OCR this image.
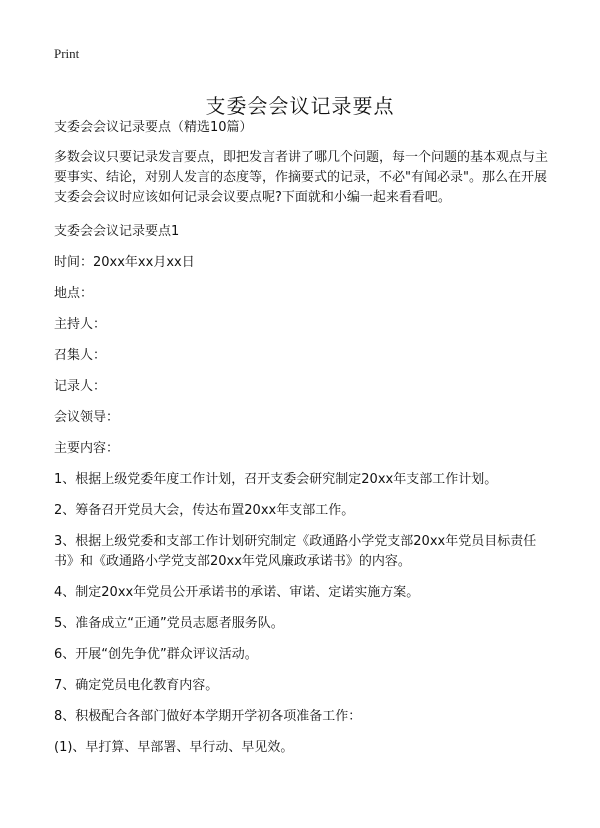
Print
支委会会议记录要点

支委会会议记录要点（精选10篇）

多数会议只要记录发言要点，即把发言者讲了哪几个问题，每一个问题的基本观点与主要事实、结论，对别人发言的态度等，作摘要式的记录，不必"有闻必录"。那么在开展支委会会议时应该如何记录会议要点呢?下面就和小编一起来看看吧。

支委会会议记录要点1

时间：20xx年xx月xx日

地点：

主持人：

召集人：

记录人：

会议领导：

主要内容：

1、根据上级党委年度工作计划，召开支委会研究制定20xx年支部工作计划。

2、筹备召开党员大会，传达布置20xx年支部工作。

3、根据上级党委和支部工作计划研究制定《政通路小学党支部20xx年党员目标责任书》和《政通路小学党支部20xx年党风廉政承诺书》的内容。

4、制定20xx年党员公开承诺书的承诺、审诺、定诺实施方案。

5、准备成立“正通”党员志愿者服务队。

6、开展“创先争优”群众评议活动。

7、确定党员电化教育内容。

8、积极配合各部门做好本学期开学初各项准备工作：

(1)、早打算、早部署、早行动、早见效。
